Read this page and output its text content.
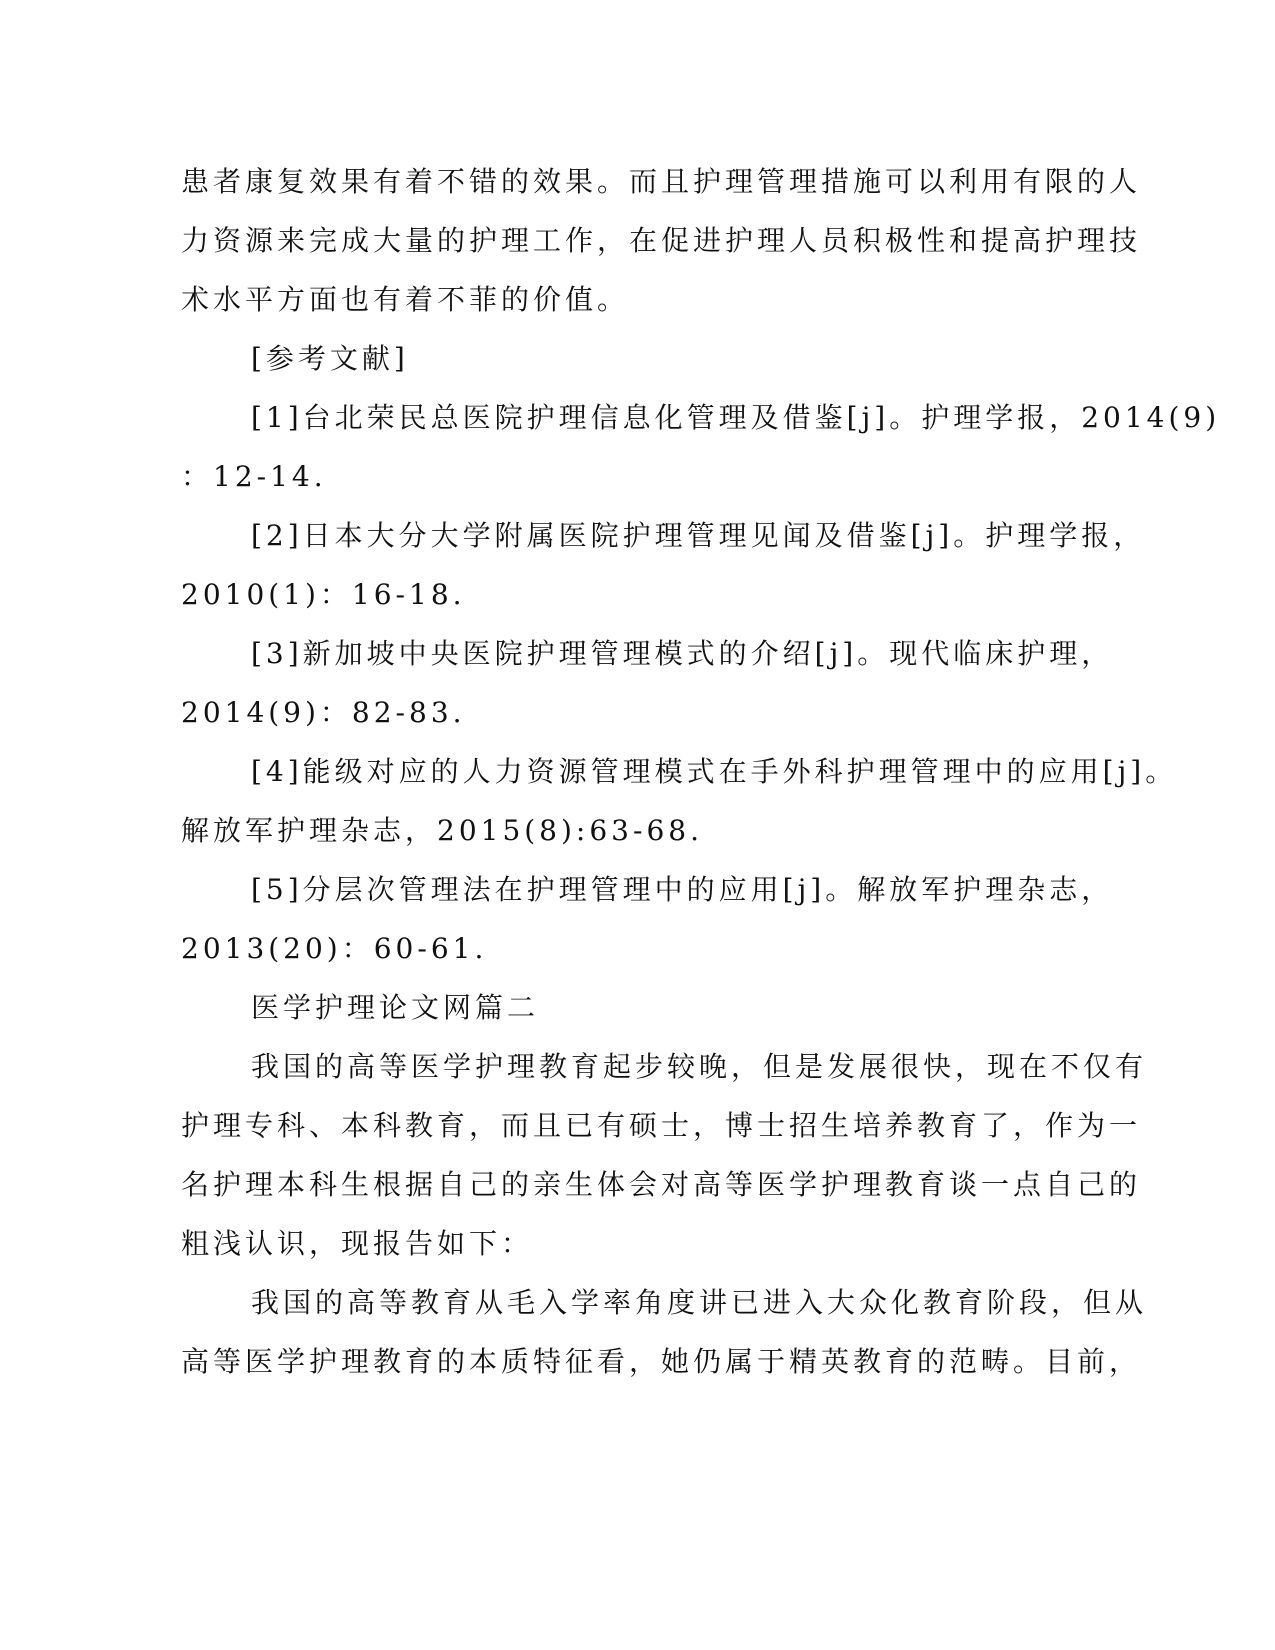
患者康复效果有着不错的效果。而且护理管理措施可以利用有限的人
力资源来完成大量的护理工作，在促进护理人员积极性和提高护理技
术水平方面也有着不菲的价值。
[参考文献]
[1]台北荣民总医院护理信息化管理及借鉴[j]。护理学报，2014(9)
：12-14.
[2]日本大分大学附属医院护理管理见闻及借鉴[j]。护理学报，
2010(1)：16-18.
[3]新加坡中央医院护理管理模式的介绍[j]。现代临床护理，
2014(9)：82-83.
[4]能级对应的人力资源管理模式在手外科护理管理中的应用[j]。
解放军护理杂志，2015(8):63-68.
[5]分层次管理法在护理管理中的应用[j]。解放军护理杂志，
2013(20)：60-61.
医学护理论文网篇二
我国的高等医学护理教育起步较晚，但是发展很快，现在不仅有
护理专科、本科教育，而且已有硕士，博士招生培养教育了，作为一
名护理本科生根据自己的亲生体会对高等医学护理教育谈一点自己的
粗浅认识，现报告如下：
我国的高等教育从毛入学率角度讲已进入大众化教育阶段，但从
高等医学护理教育的本质特征看，她仍属于精英教育的范畴。目前，
